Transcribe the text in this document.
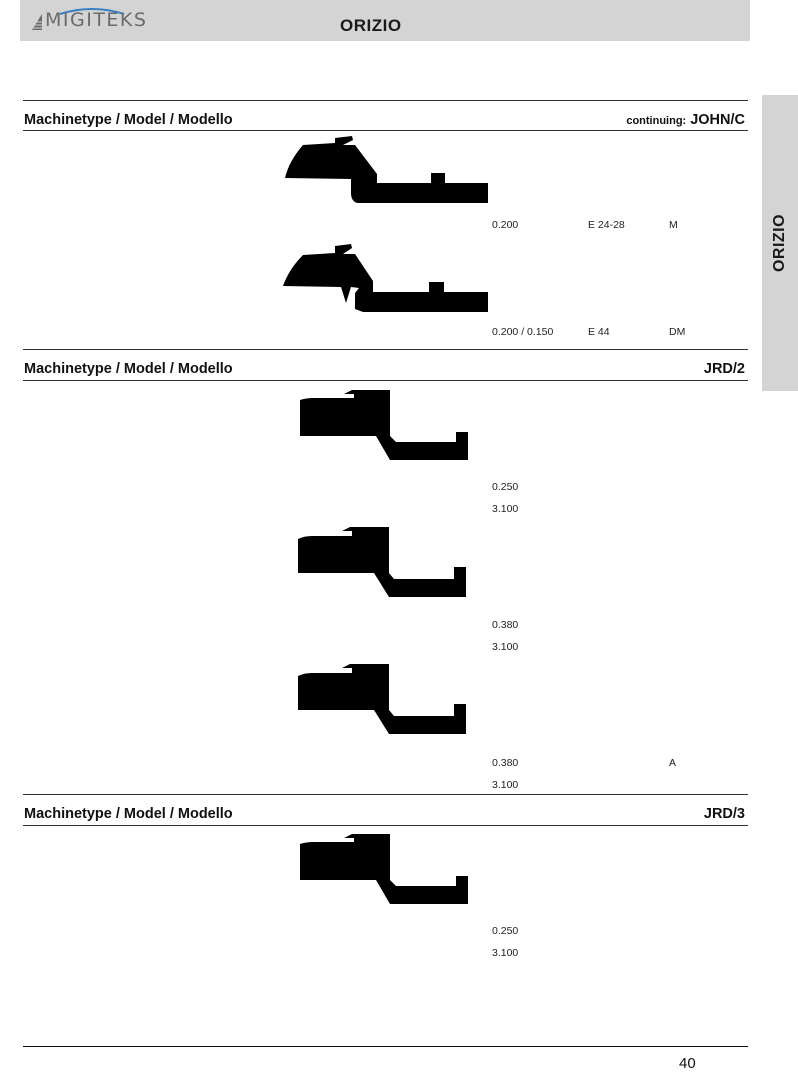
MIGITEKS	ORIZIO
ORIZIO
Machinetype / Model / Modello	continuing: JOHN/C
0.200	E 24-28	M
0.200 / 0.150	E 44	DM
Machinetype / Model / Modello	JRD/2
0.250
3.100
0.380
3.100
0.380	A
3.100
Machinetype / Model / Modello	JRD/3
0.250
3.100
40
